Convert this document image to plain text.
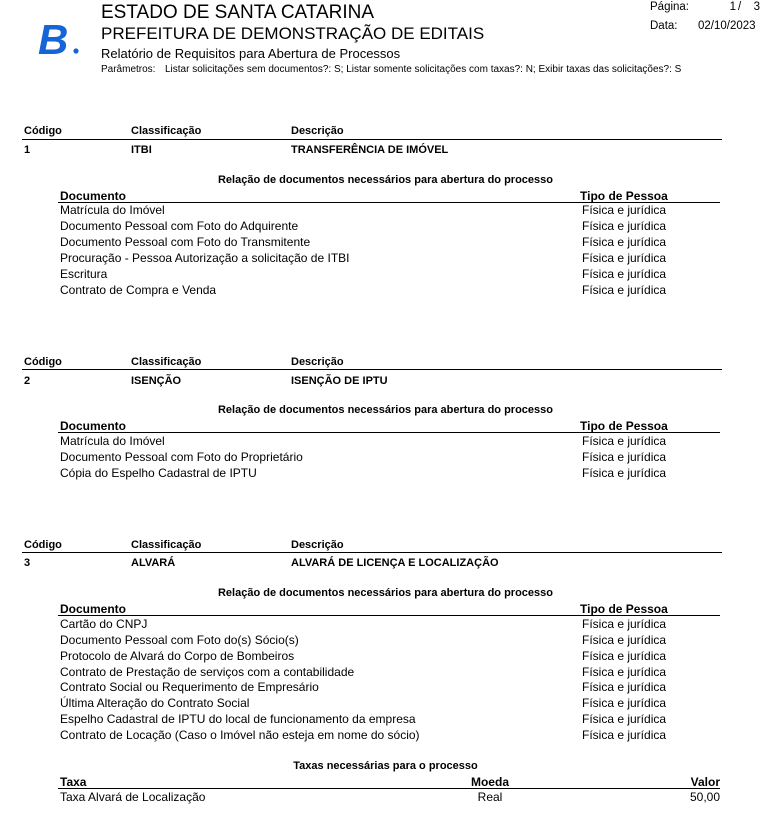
B
ESTADO DE SANTA CATARINA
PREFEITURA DE DEMONSTRAÇÃO DE EDITAIS
Relatório de Requisitos para Abertura de Processos
Parâmetros: Listar solicitações sem documentos?: S; Listar somente solicitações com taxas?: N; Exibir taxas das solicitações?: S
Página:	1 /	3
Data: 02/10/2023
Código	Classificação	Descrição
1	ITBI	TRANSFERÊNCIA DE IMÓVEL
Relação de documentos necessários para abertura do processo
Documento	Tipo de Pessoa
Matrícula do Imóvel	Física e jurídica
Documento Pessoal com Foto do Adquirente	Física e jurídica
Documento Pessoal com Foto do Transmitente	Física e jurídica
Procuração - Pessoa Autorização a solicitação de ITBI	Física e jurídica
Escritura	Física e jurídica
Contrato de Compra e Venda	Física e jurídica
Código	Classificação	Descrição
2	ISENÇÃO	ISENÇÃO DE IPTU
Relação de documentos necessários para abertura do processo
Documento	Tipo de Pessoa
Matrícula do Imóvel	Física e jurídica
Documento Pessoal com Foto do Proprietário	Física e jurídica
Cópia do Espelho Cadastral de IPTU	Física e jurídica
Código	Classificação	Descrição
3	ALVARÁ	ALVARÁ DE LICENÇA E LOCALIZAÇÃO
Relação de documentos necessários para abertura do processo
Documento	Tipo de Pessoa
Cartão do CNPJ	Física e jurídica
Documento Pessoal com Foto do(s) Sócio(s)	Física e jurídica
Protocolo de Alvará do Corpo de Bombeiros	Física e jurídica
Contrato de Prestação de serviços com a contabilidade	Física e jurídica
Contrato Social ou Requerimento de Empresário	Física e jurídica
Última Alteração do Contrato Social	Física e jurídica
Espelho Cadastral de IPTU do local de funcionamento da empresa	Física e jurídica
Contrato de Locação (Caso o Imóvel não esteja em nome do sócio)	Física e jurídica
Taxas necessárias para o processo
Taxa	Moeda	Valor
Taxa Alvará de Localização	Real	50,00
